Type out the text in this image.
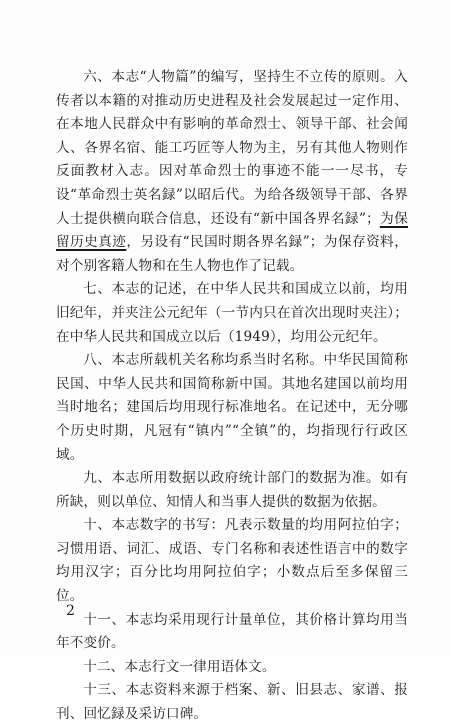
六、本志“人物篇”的编写，坚持生不立传的原则。入传者以本籍的对推动历史进程及社会发展起过一定作用、在本地人民群众中有影响的革命烈士、领导干部、社会闻人、各界名宿、能工巧匠等人物为主，另有其他人物则作反面教材入志。因对革命烈士的事迹不能一一尽书，专设“革命烈士英名録”以昭后代。为给各级领导干部、各界人士提供横向联合信息，还设有“新中国各界名録”；为保留历史真迹，另设有“民国时期各界名録”；为保存资料，对个别客籍人物和在生人物也作了记载。

七、本志的记述，在中华人民共和国成立以前，均用旧纪年，并夹注公元纪年（一节内只在首次出现时夹注）；在中华人民共和国成立以后（1949），均用公元纪年。

八、本志所载机关名称均系当时名称。中华民国简称民国、中华人民共和国简称新中国。其地名建国以前均用当时地名；建国后均用现行标准地名。在记述中，无分哪个历史时期，凡冠有“镇内”“全镇”的，均指现行行政区域。

九、本志所用数据以政府统计部门的数据为准。如有所缺，则以单位、知情人和当事人提供的数据为依据。

十、本志数字的书写：凡表示数量的均用阿拉伯字；习惯用语、词汇、成语、专门名称和表述性语言中的数字均用汉字；百分比均用阿拉伯字；小数点后至多保留三位。

十一、本志均采用现行计量单位，其价格计算均用当年不变价。

十二、本志行文一律用语体文。

十三、本志资料来源于档案、新、旧县志、家谱、报刊、回忆録及采访口碑。

2
